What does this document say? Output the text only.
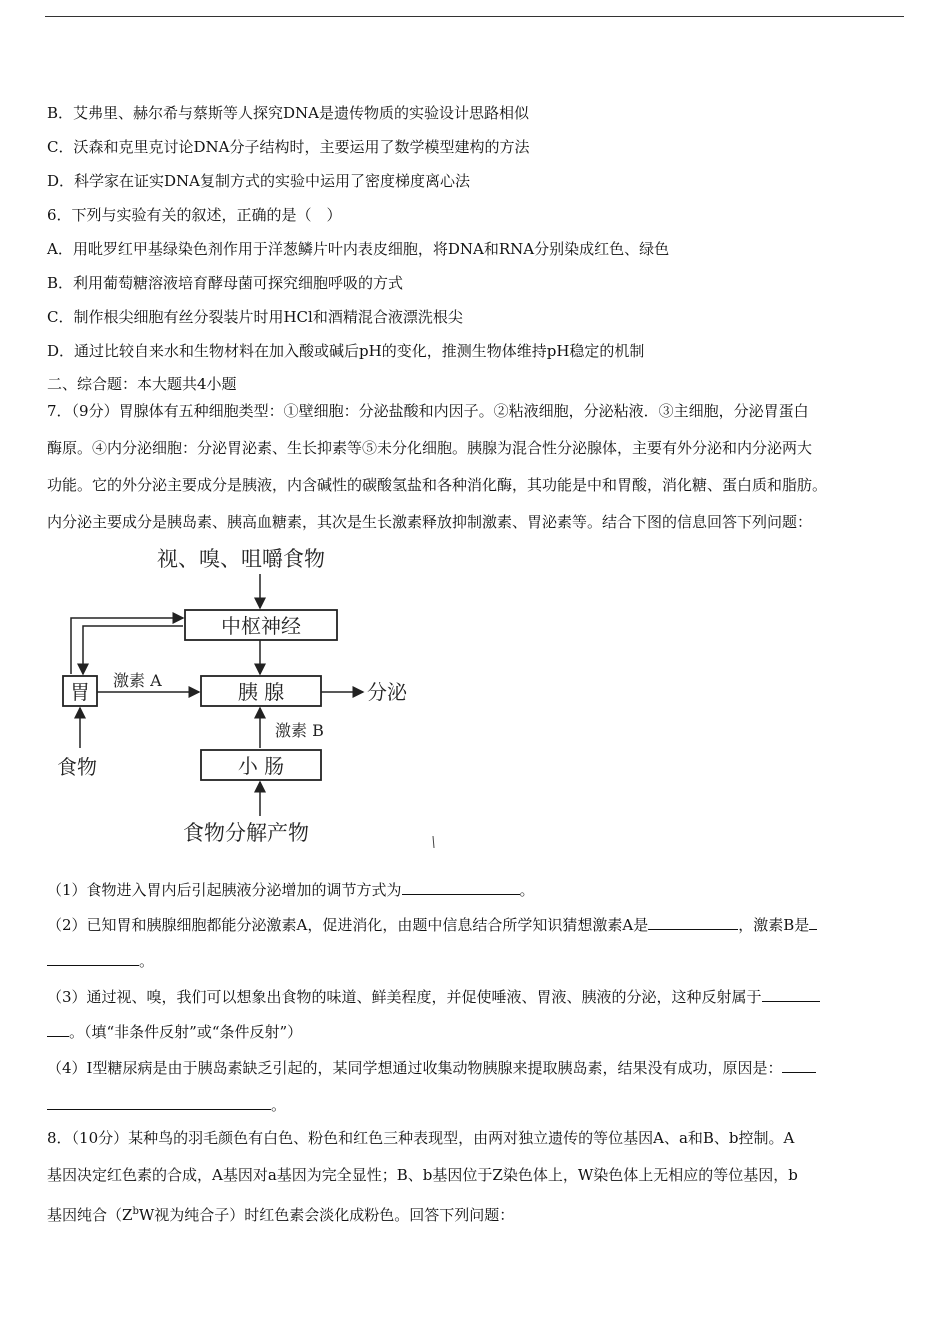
B．艾弗里、赫尔希与蔡斯等人探究DNA是遗传物质的实验设计思路相似
C．沃森和克里克讨论DNA分子结构时，主要运用了数学模型建构的方法
D．科学家在证实DNA复制方式的实验中运用了密度梯度离心法
6．下列与实验有关的叙述，正确的是（　）
A．用吡罗红甲基绿染色剂作用于洋葱鳞片叶内表皮细胞，将DNA和RNA分别染成红色、绿色
B．利用葡萄糖溶液培育酵母菌可探究细胞呼吸的方式
C．制作根尖细胞有丝分裂装片时用HCl和酒精混合液漂洗根尖
D．通过比较自来水和生物材料在加入酸或碱后pH的变化，推测生物体维持pH稳定的机制
二、综合题：本大题共4小题
7．（9分）胃腺体有五种细胞类型：①壁细胞：分泌盐酸和内因子。②粘液细胞，分泌粘液．③主细胞，分泌胃蛋白
酶原。④内分泌细胞：分泌胃泌素、生长抑素等⑤未分化细胞。胰腺为混合性分泌腺体，主要有外分泌和内分泌两大
功能。它的外分泌主要成分是胰液，内含碱性的碳酸氢盐和各种消化酶，其功能是中和胃酸，消化糖、蛋白质和脂肪。
内分泌主要成分是胰岛素、胰高血糖素，其次是生长激素释放抑制激素、胃泌素等。结合下图的信息回答下列问题：
视、嗅、咀嚼食物
中枢神经
胃 激素 A	胰 腺	分泌
食物
激素 B
小 肠
食物分解产物
（1）食物进入胃内后引起胰液分泌增加的调节方式为	。
（2）已知胃和胰腺细胞都能分泌激素A，促进消化，由题中信息结合所学知识猜想激素A是	，激素B是
。
（3）通过视、嗅，我们可以想象出食物的味道、鲜美程度，并促使唾液、胃液、胰液的分泌，这种反射属于
。（填“非条件反射”或“条件反射”）
（4）I型糖尿病是由于胰岛素缺乏引起的，某同学想通过收集动物胰腺来提取胰岛素，结果没有成功，原因是：
。
8．（10分）某种鸟的羽毛颜色有白色、粉色和红色三种表现型，由两对独立遗传的等位基因A、a和B、b控制。A
基因决定红色素的合成，A基因对a基因为完全显性；B、b基因位于Z染色体上，W染色体上无相应的等位基因，b
基因纯合（$Z^bW$视为纯合子）时红色素会淡化成粉色。回答下列问题：
